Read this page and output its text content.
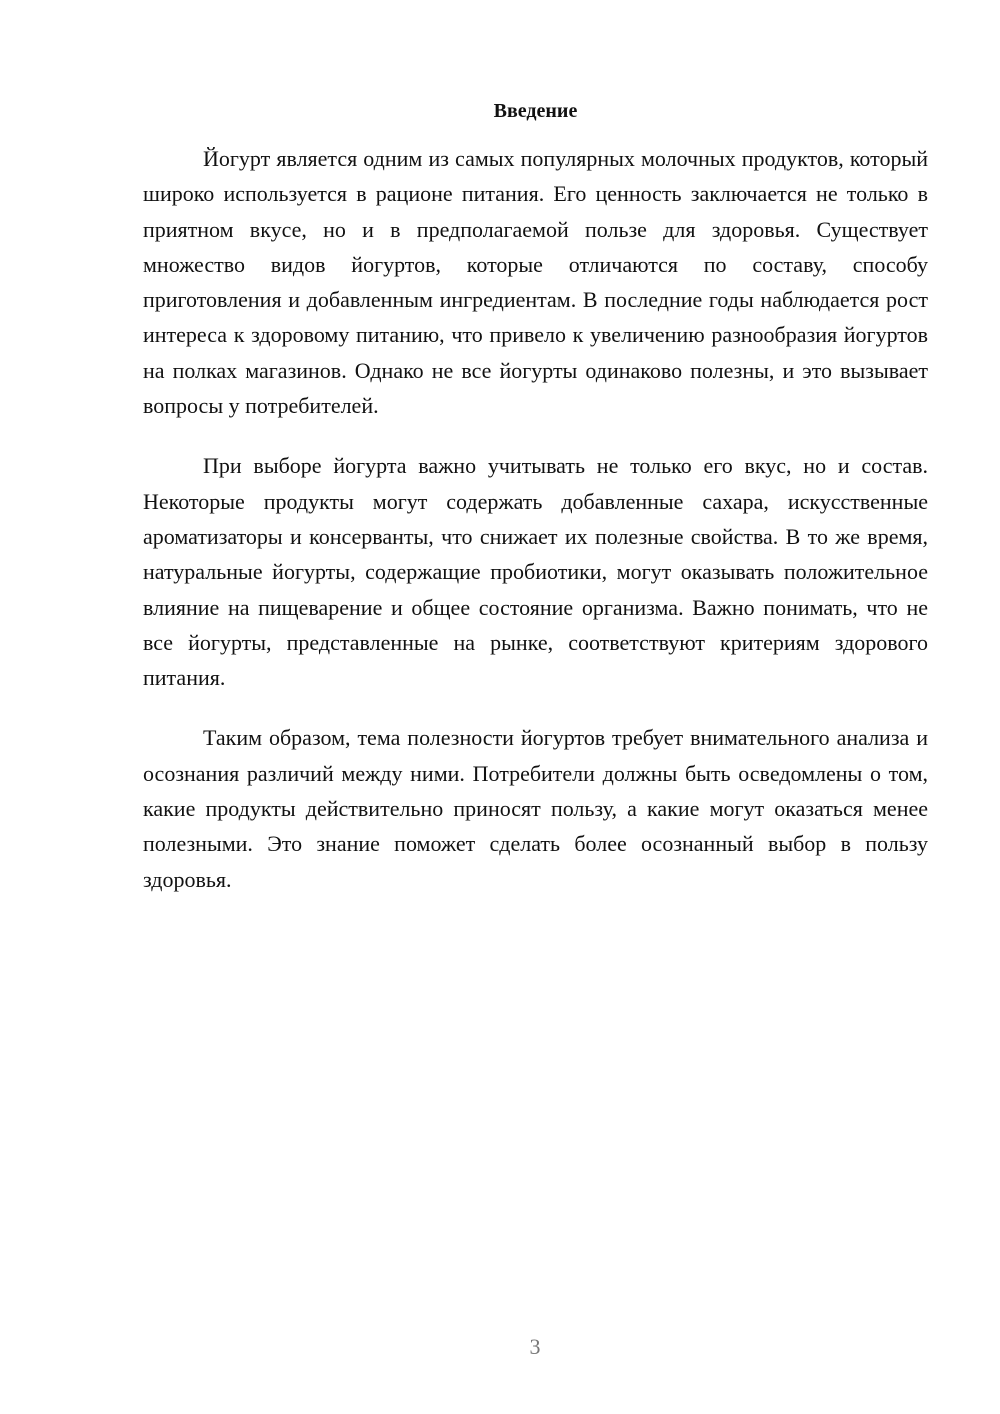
Введение

Йогурт является одним из самых популярных молочных продуктов, который широко используется в рационе питания. Его ценность заключается не только в приятном вкусе, но и в предполагаемой пользе для здоровья. Существует множество видов йогуртов, которые отличаются по составу, способу приготовления и добавленным ингредиентам. В последние годы наблюдается рост интереса к здоровому питанию, что привело к увеличению разнообразия йогуртов на полках магазинов. Однако не все йогурты одинаково полезны, и это вызывает вопросы у потребителей.

При выборе йогурта важно учитывать не только его вкус, но и состав. Некоторые продукты могут содержать добавленные сахара, искусственные ароматизаторы и консерванты, что снижает их полезные свойства. В то же время, натуральные йогурты, содержащие пробиотики, могут оказывать положительное влияние на пищеварение и общее состояние организма. Важно понимать, что не все йогурты, представленные на рынке, соответствуют критериям здорового питания.

Таким образом, тема полезности йогуртов требует внимательного анализа и осознания различий между ними. Потребители должны быть осведомлены о том, какие продукты действительно приносят пользу, а какие могут оказаться менее полезными. Это знание поможет сделать более осознанный выбор в пользу здоровья.

3
